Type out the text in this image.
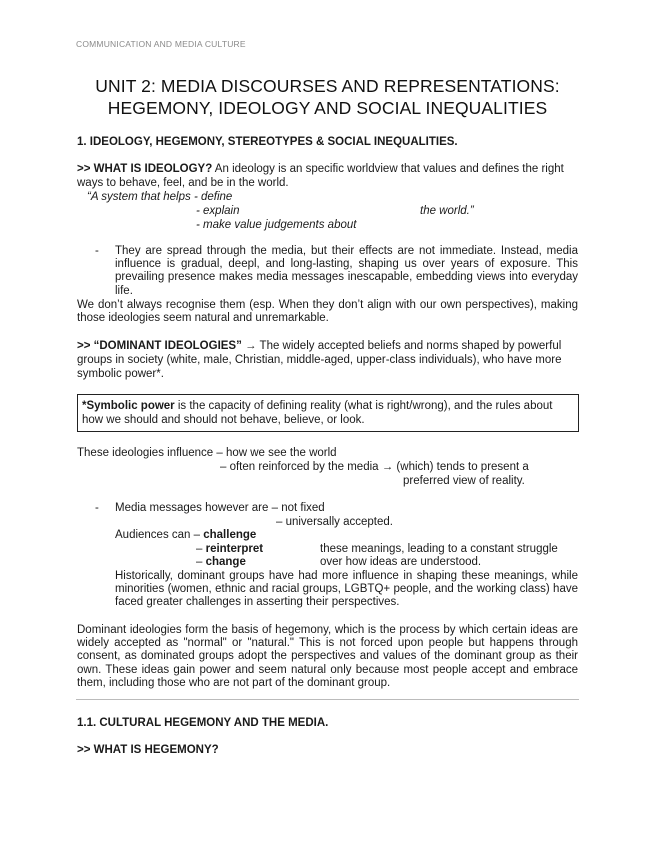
COMMUNICATION AND MEDIA CULTURE
UNIT 2: MEDIA DISCOURSES AND REPRESENTATIONS:
HEGEMONY, IDEOLOGY AND SOCIAL INEQUALITIES
1. IDEOLOGY, HEGEMONY, STEREOTYPES & SOCIAL INEQUALITIES.
>> WHAT IS IDEOLOGY? An ideology is an specific worldview that values and defines the right
ways to behave, feel, and be in the world.
“A system that helps - define
- explain	the world.”
- make value judgements about
- They are spread through the media, but their effects are not immediate. Instead, media influence is gradual, deepl, and long-lasting, shaping us over years of exposure. This prevailing presence makes media messages inescapable, embedding views into everyday life.
We don’t always recognise them (esp. When they don’t align with our own perspectives), making those ideologies seem natural and unremarkable.
>> “DOMINANT IDEOLOGIES” → The widely accepted beliefs and norms shaped by powerful
groups in society (white, male, Christian, middle-aged, upper-class individuals), who have more
symbolic power*.
*Symbolic power is the capacity of defining reality (what is right/wrong), and the rules about
how we should and should not behave, believe, or look.
These ideologies influence – how we see the world
– often reinforced by the media → (which) tends to present a
preferred view of reality.
- Media messages however are – not fixed
– universally accepted.
Audiences can – challenge
– reinterpret	these meanings, leading to a constant struggle
– change	over how ideas are understood.
Historically, dominant groups have had more influence in shaping these meanings, while minorities (women, ethnic and racial groups, LGBTQ+ people, and the working class) have faced greater challenges in asserting their perspectives.
Dominant ideologies form the basis of hegemony, which is the process by which certain ideas are widely accepted as "normal" or "natural." This is not forced upon people but happens through consent, as dominated groups adopt the perspectives and values of the dominant group as their own. These ideas gain power and seem natural only because most people accept and embrace them, including those who are not part of the dominant group.
1.1. CULTURAL HEGEMONY AND THE MEDIA.
>> WHAT IS HEGEMONY?
